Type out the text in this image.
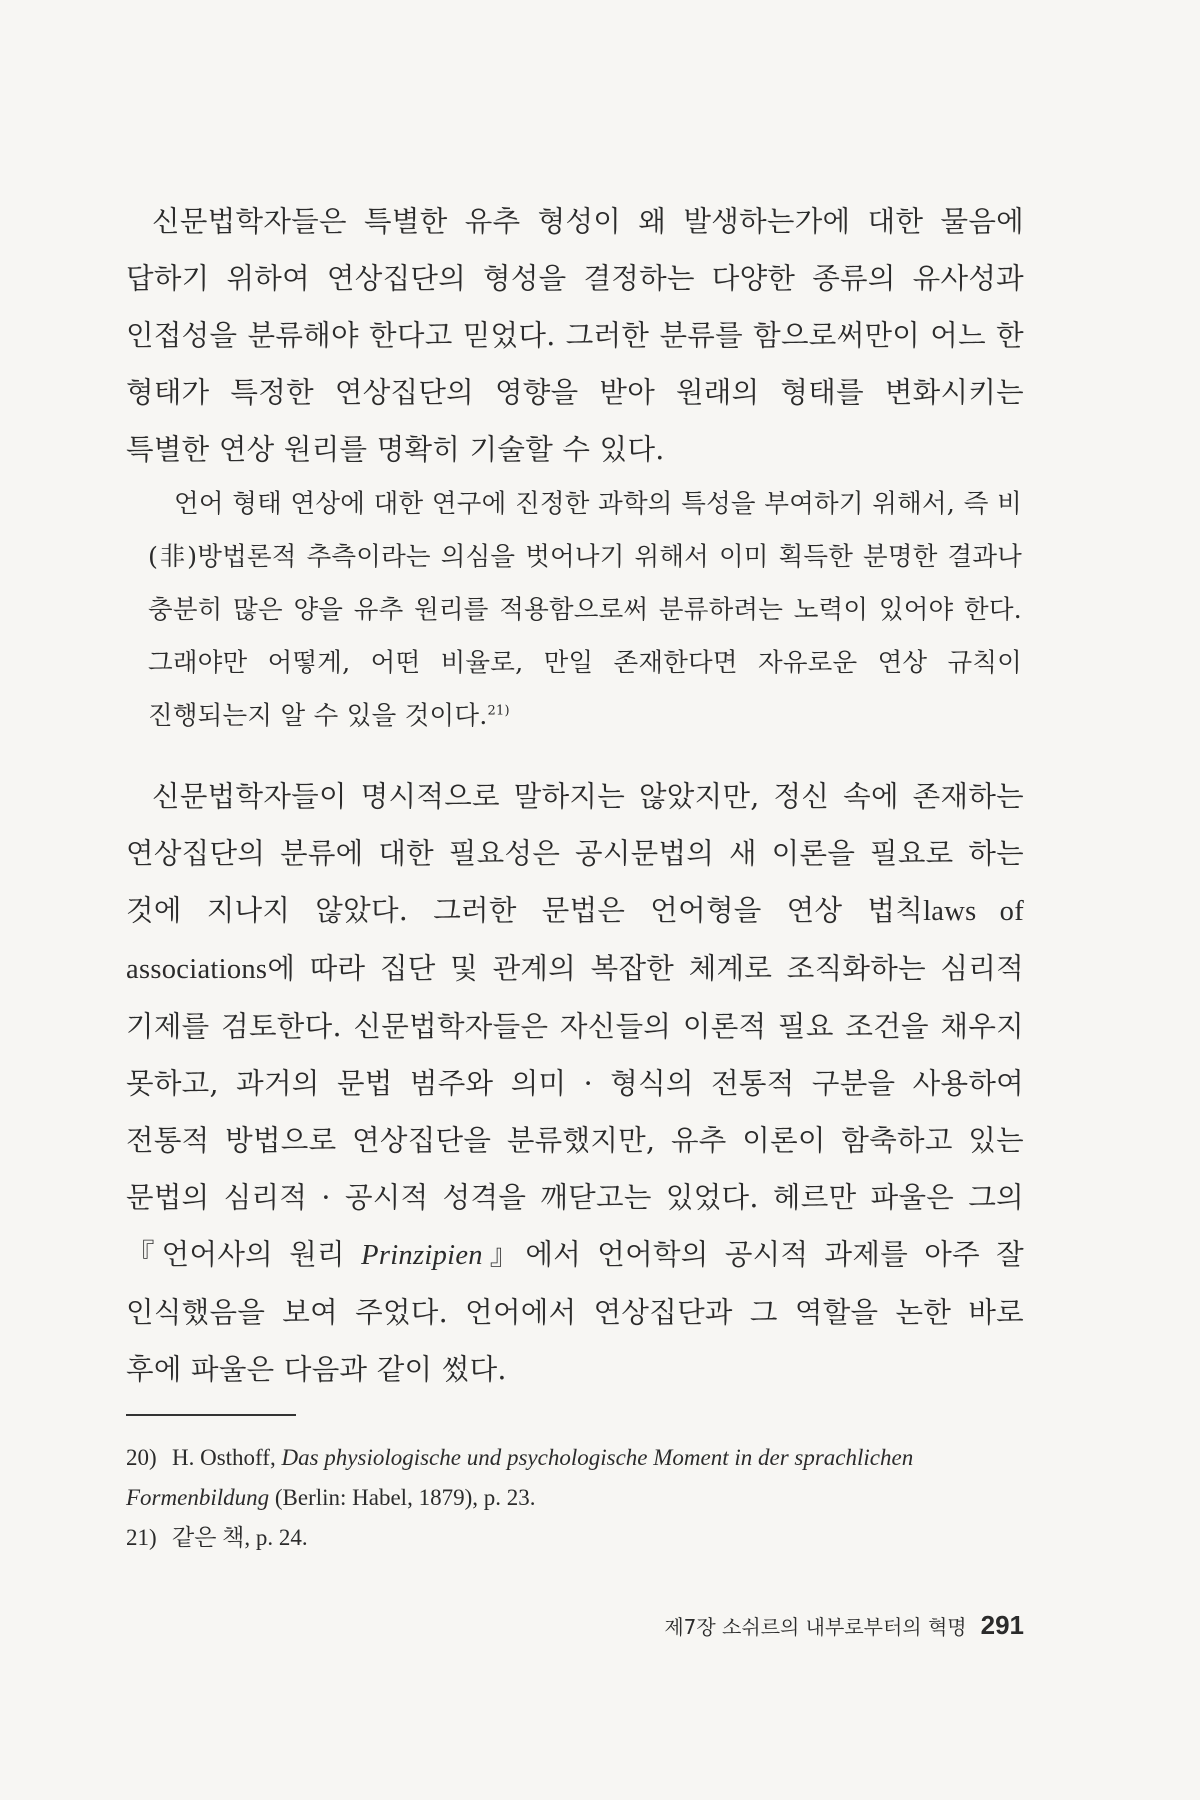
신문법학자들은 특별한 유추 형성이 왜 발생하는가에 대한 물음에 답하기 위하여 연상집단의 형성을 결정하는 다양한 종류의 유사성과 인접성을 분류해야 한다고 믿었다. 그러한 분류를 함으로써만이 어느 한 형태가 특정한 연상집단의 영향을 받아 원래의 형태를 변화시키는 특별한 연상 원리를 명확히 기술할 수 있다.

언어 형태 연상에 대한 연구에 진정한 과학의 특성을 부여하기 위해서, 즉 비(非)방법론적 추측이라는 의심을 벗어나기 위해서 이미 획득한 분명한 결과나 충분히 많은 양을 유추 원리를 적용함으로써 분류하려는 노력이 있어야 한다. 그래야만 어떻게, 어떤 비율로, 만일 존재한다면 자유로운 연상 규칙이 진행되는지 알 수 있을 것이다.$^{21)}$

신문법학자들이 명시적으로 말하지는 않았지만, 정신 속에 존재하는 연상집단의 분류에 대한 필요성은 공시문법의 새 이론을 필요로 하는 것에 지나지 않았다. 그러한 문법은 언어형을 연상 법칙laws of associations에 따라 집단 및 관계의 복잡한 체계로 조직화하는 심리적 기제를 검토한다. 신문법학자들은 자신들의 이론적 필요 조건을 채우지 못하고, 과거의 문법 범주와 의미 · 형식의 전통적 구분을 사용하여 전통적 방법으로 연상집단을 분류했지만, 유추 이론이 함축하고 있는 문법의 심리적 · 공시적 성격을 깨닫고는 있었다. 헤르만 파울은 그의 『언어사의 원리 Prinzipien』에서 언어학의 공시적 과제를 아주 잘 인식했음을 보여 주었다. 언어에서 연상집단과 그 역할을 논한 바로 후에 파울은 다음과 같이 썼다.

20) H. Osthoff, Das physiologische und psychologische Moment in der sprachlichen Formenbildung (Berlin: Habel, 1879), p. 23.
21) 같은 책, p. 24.
제7장 소쉬르의 내부로부터의 혁명 291
